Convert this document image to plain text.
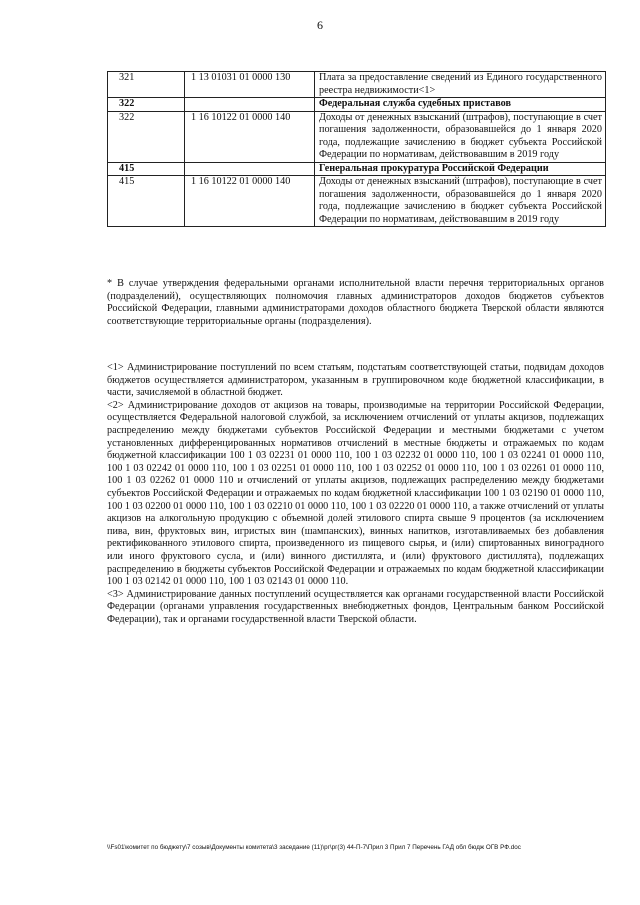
6
321	1 13 01031 01 0000 130	Плата за предоставление сведений из Единого государственного реестра недвижимости<1>
322		Федеральная служба судебных приставов
322	1 16 10122 01 0000 140	Доходы от денежных взысканий (штрафов), поступающие в счет погашения задолженности, образовавшейся до 1 января 2020 года, подлежащие зачислению в бюджет субъекта Российской Федерации по нормативам, действовавшим в 2019 году
415		Генеральная прокуратура Российской Федерации
415	1 16 10122 01 0000 140	Доходы от денежных взысканий (штрафов), поступающие в счет погашения задолженности, образовавшейся до 1 января 2020 года, подлежащие зачислению в бюджет субъекта Российской Федерации по нормативам, действовавшим в 2019 году

* В случае утверждения федеральными органами исполнительной власти перечня территориальных органов (подразделений), осуществляющих полномочия главных администраторов доходов бюджетов субъектов Российской Федерации, главными администраторами доходов областного бюджета Тверской области являются соответствующие территориальные органы (подразделения).

<1> Администрирование поступлений по всем статьям, подстатьям соответствующей статьи, подвидам доходов бюджетов осуществляется администратором, указанным в группировочном коде бюджетной классификации, в части, зачисляемой в областной бюджет.

<2> Администрирование доходов от акцизов на товары, производимые на территории Российской Федерации, осуществляется Федеральной налоговой службой, за исключением отчислений от уплаты акцизов, подлежащих распределению между бюджетами субъектов Российской Федерации и местными бюджетами с учетом установленных дифференцированных нормативов отчислений в местные бюджеты и отражаемых по кодам бюджетной классификации 100 1 03 02231 01 0000 110, 100 1 03 02232 01 0000 110, 100 1 03 02241 01 0000 110, 100 1 03 02242 01 0000 110, 100 1 03 02251 01 0000 110, 100 1 03 02252 01 0000 110, 100 1 03 02261 01 0000 110, 100 1 03 02262 01 0000 110 и отчислений от уплаты акцизов, подлежащих распределению между бюджетами субъектов Российской Федерации и отражаемых по кодам бюджетной классификации 100 1 03 02190 01 0000 110, 100 1 03 02200 01 0000 110, 100 1 03 02210 01 0000 110, 100 1 03 02220 01 0000 110, а также отчислений от уплаты акцизов на алкогольную продукцию с объемной долей этилового спирта свыше 9 процентов (за исключением пива, вин, фруктовых вин, игристых вин (шампанских), винных напитков, изготавливаемых без добавления ректификованного этилового спирта, произведенного из пищевого сырья, и (или) спиртованных виноградного или иного фруктового сусла, и (или) винного дистиллята, и (или) фруктового дистиллята), подлежащих распределению в бюджеты субъектов Российской Федерации и отражаемых по кодам бюджетной классификации 100 1 03 02142 01 0000 110, 100 1 03 02143 01 0000 110.

<3> Администрирование данных поступлений осуществляется как органами государственной власти Российской Федерации (органами управления государственных внебюджетных фондов, Центральным банком Российской Федерации), так и органами государственной власти Тверской области.

\\Fs01\комитет по бюджету\7 созыв\Документы комитета\3 заседание (11)\рг\рг(3) 44-П-7\Прил 3 Прил 7 Перечень ГАД обл бюдж ОГВ РФ.doc
